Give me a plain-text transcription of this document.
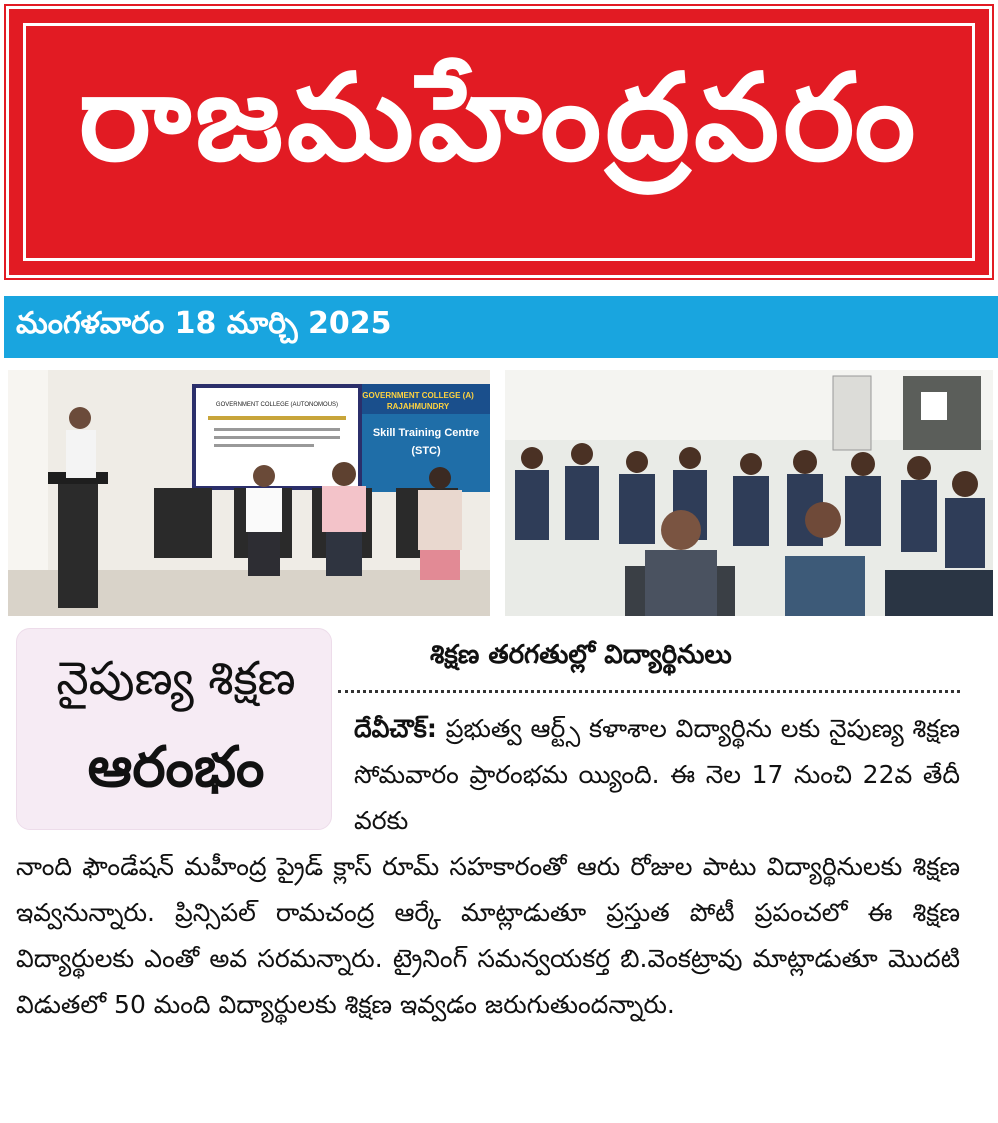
రాజమహేంద్రవరం
మంగళవారం 18 మార్చి 2025
GOVERNMENT COLLEGE (AUTONOMOUS)
GOVERNMENT COLLEGE (A)
RAJAHMUNDRY
Skill Training Centre
(STC)
నైపుణ్య శిక్షణ
ఆరంభం
శిక్షణ తరగతుల్లో విద్యార్థినులు
దేవీచౌక్: ప్రభుత్వ ఆర్ట్స్ కళాశాల విద్యార్థిను లకు నైపుణ్య శిక్షణ సోమవారం ప్రారంభమ య్యింది. ఈ నెల 17 నుంచి 22వ తేదీ వరకు
నాంది ఫౌండేషన్ మహీంద్ర ప్రైడ్ క్లాస్ రూమ్ సహకారంతో ఆరు రోజుల పాటు విద్యార్థినులకు శిక్షణ ఇవ్వనున్నారు. ప్రిన్సిపల్ రామచంద్ర ఆర్కే మాట్లాడుతూ ప్రస్తుత పోటీ ప్రపంచలో ఈ శిక్షణ విద్యార్థులకు ఎంతో అవ సరమన్నారు. ట్రైనింగ్ సమన్వయకర్త బి.వెంకట్రావు మాట్లాడుతూ మొదటి విడుతలో 50 మంది విద్యార్థులకు శిక్షణ ఇవ్వడం జరుగుతుందన్నారు.
